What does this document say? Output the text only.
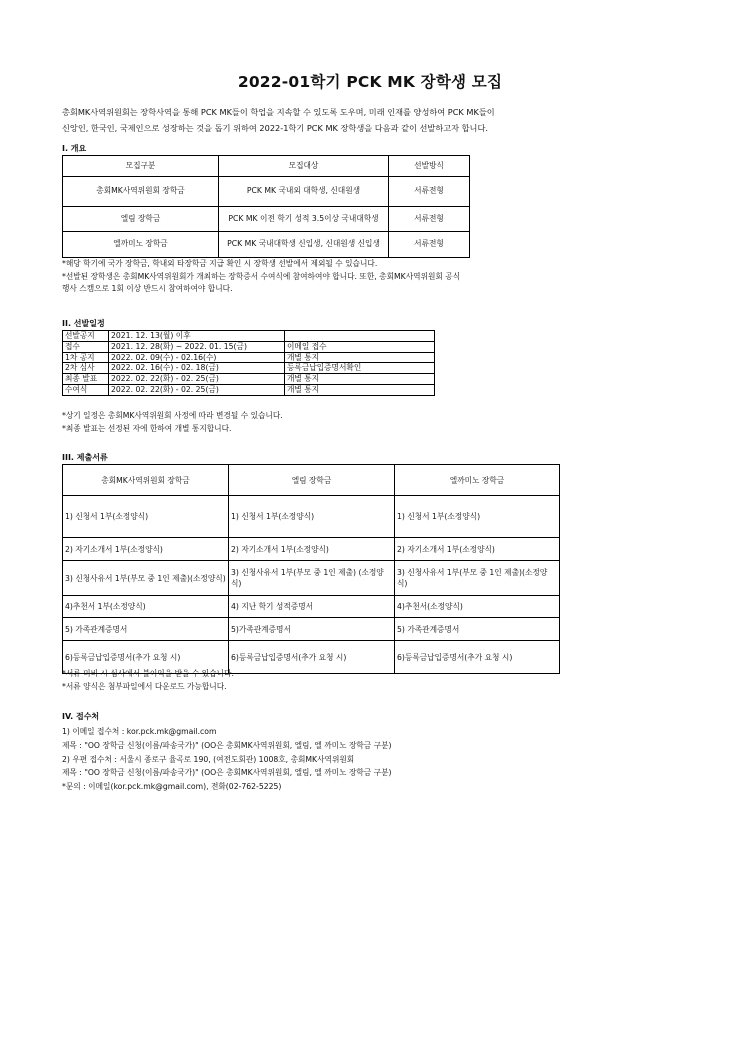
2022-01학기 PCK MK 장학생 모집
총회MK사역위원회는 장학사역을 통해 PCK MK들이 학업을 지속할 수 있도록 도우며, 미래 인재를 양성하여 PCK MK들이
신앙인, 한국인, 국제인으로 성장하는 것을 돕기 위하여 2022-1학기 PCK MK 장학생을 다음과 같이 선발하고자 합니다.
I. 개요
모집구분	모집대상	선발방식
총회MK사역위원회 장학금	PCK MK 국내외 대학생, 신대원생	서류전형
엘림 장학금	PCK MK 이전 학기 성적 3.5이상 국내대학생	서류전형
엘까미노 장학금	PCK MK 국내대학생 신입생, 신대원생 신입생	서류전형
*해당 학기에 국가 장학금, 학내외 타장학금 지급 확인 시 장학생 선발에서 제외될 수 있습니다.
*선발된 장학생은 총회MK사역위원회가 개최하는 장학증서 수여식에 참여하여야 합니다. 또한, 총회MK사역위원회 공식
행사 스캠으로 1회 이상 반드시 참여하여야 합니다.
II. 선발일정
선발공지	2021. 12. 13(월) 이후	
접수	2021. 12. 28(화) ~ 2022. 01. 15(금)	이메일 접수
1차 공지	2022. 02. 09(수) - 02.16(수)	개별 통지
2차 심사	2022. 02. 16(수) - 02. 18(금)	등록금납입증명서확인
최종 발표	2022. 02. 22(화) - 02. 25(금)	개별 통지
수여식	2022. 02. 22(화) - 02. 25(금)	개별 통지
*상기 일정은 총회MK사역위원회 사정에 따라 변경될 수 있습니다.
*최종 발표는 선정된 자에 한하여 개별 통지합니다.
III. 제출서류
총회MK사역위원회 장학금	엘림 장학금	엘까미노 장학금
1) 신청서 1부(소정양식)	1) 신청서 1부(소정양식)	1) 신청서 1부(소정양식)
2) 자기소개서 1부(소정양식)	2) 자기소개서 1부(소정양식)	2) 자기소개서 1부(소정양식)
3) 신청사유서 1부(부모 중 1인 제출)(소정양식)	3) 신청사유서 1부(부모 중 1인 제출) (소정양식)	3) 신청사유서 1부(부모 중 1인 제출)(소정양식)
4)추천서 1부(소정양식)	4) 지난 학기 성적증명서	4)추천서(소정양식)
5) 가족관계증명서	5)가족관계증명서	5) 가족관계증명서
6)등록금납입증명서(추가 요청 시)	6)등록금납입증명서(추가 요청 시)	6)등록금납입증명서(추가 요청 시)
*서류 미비 시 심사에서 불이익을 받을 수 있습니다.
*서류 양식은 첨부파일에서 다운로드 가능합니다.
IV. 접수처
1) 이메일 접수처 : kor.pck.mk@gmail.com
제목 : "OO 장학금 신청(이름/파송국가)" (OO은 총회MK사역위원회, 엘림, 엘 까미노 장학금 구분)
2) 우편 접수처 : 서울시 종로구 율곡로 190, (여전도회관) 1008호, 총회MK사역위원회
제목 : "OO 장학금 신청(이름/파송국가)" (OO은 총회MK사역위원회, 엘림, 엘 까미노 장학금 구분)
*문의 : 이메일(kor.pck.mk@gmail.com), 전화(02-762-5225)
